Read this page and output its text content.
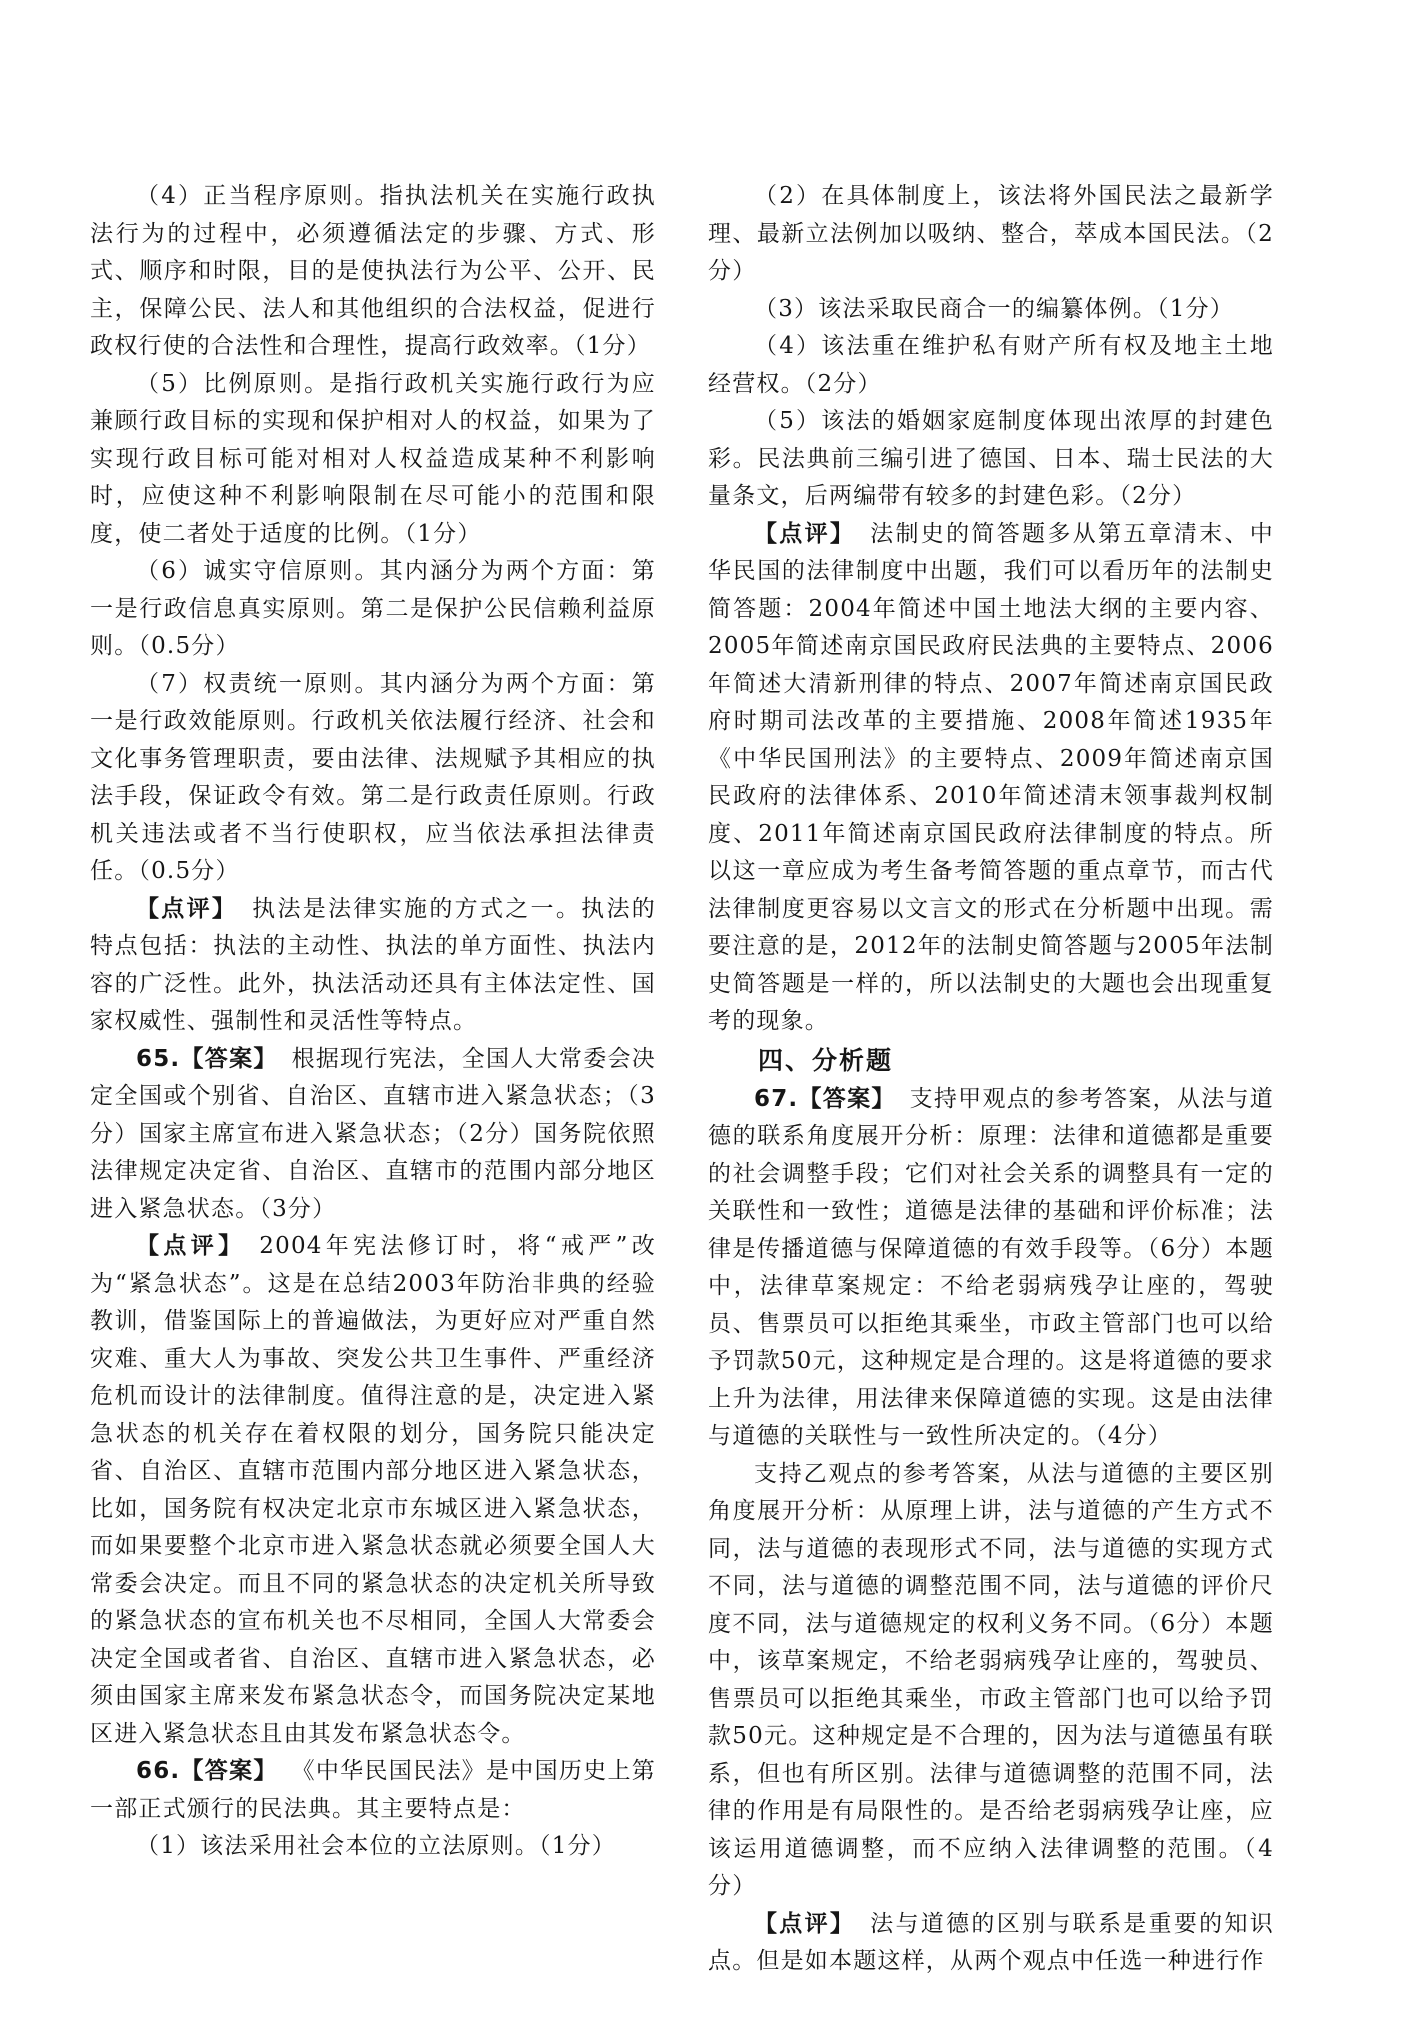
（4）正当程序原则。指执法机关在实施行政执法行为的过程中，必须遵循法定的步骤、方式、形式、顺序和时限，目的是使执法行为公平、公开、民主，保障公民、法人和其他组织的合法权益，促进行政权行使的合法性和合理性，提高行政效率。（1分）

（5）比例原则。是指行政机关实施行政行为应兼顾行政目标的实现和保护相对人的权益，如果为了实现行政目标可能对相对人权益造成某种不利影响时，应使这种不利影响限制在尽可能小的范围和限度，使二者处于适度的比例。（1分）

（6）诚实守信原则。其内涵分为两个方面：第一是行政信息真实原则。第二是保护公民信赖利益原则。（0.5分）

（7）权责统一原则。其内涵分为两个方面：第一是行政效能原则。行政机关依法履行经济、社会和文化事务管理职责，要由法律、法规赋予其相应的执法手段，保证政令有效。第二是行政责任原则。行政机关违法或者不当行使职权，应当依法承担法律责任。（0.5分）

【点评】 执法是法律实施的方式之一。执法的特点包括：执法的主动性、执法的单方面性、执法内容的广泛性。此外，执法活动还具有主体法定性、国家权威性、强制性和灵活性等特点。

65.【答案】 根据现行宪法，全国人大常委会决定全国或个别省、自治区、直辖市进入紧急状态；（3分）国家主席宣布进入紧急状态；（2分）国务院依照法律规定决定省、自治区、直辖市的范围内部分地区进入紧急状态。（3分）

【点评】 2004年宪法修订时，将“戒严”改为“紧急状态”。这是在总结2003年防治非典的经验教训，借鉴国际上的普遍做法，为更好应对严重自然灾难、重大人为事故、突发公共卫生事件、严重经济危机而设计的法律制度。值得注意的是，决定进入紧急状态的机关存在着权限的划分，国务院只能决定省、自治区、直辖市范围内部分地区进入紧急状态，比如，国务院有权决定北京市东城区进入紧急状态，而如果要整个北京市进入紧急状态就必须要全国人大常委会决定。而且不同的紧急状态的决定机关所导致的紧急状态的宣布机关也不尽相同，全国人大常委会决定全国或者省、自治区、直辖市进入紧急状态，必须由国家主席来发布紧急状态令，而国务院决定某地区进入紧急状态且由其发布紧急状态令。

66.【答案】 《中华民国民法》是中国历史上第一部正式颁行的民法典。其主要特点是：

（1）该法采用社会本位的立法原则。（1分）

（2）在具体制度上，该法将外国民法之最新学理、最新立法例加以吸纳、整合，萃成本国民法。（2分）

（3）该法采取民商合一的编纂体例。（1分）

（4）该法重在维护私有财产所有权及地主土地经营权。（2分）

（5）该法的婚姻家庭制度体现出浓厚的封建色彩。民法典前三编引进了德国、日本、瑞士民法的大量条文，后两编带有较多的封建色彩。（2分）

【点评】 法制史的简答题多从第五章清末、中华民国的法律制度中出题，我们可以看历年的法制史简答题：2004年简述中国土地法大纲的主要内容、2005年简述南京国民政府民法典的主要特点、2006年简述大清新刑律的特点、2007年简述南京国民政府时期司法改革的主要措施、2008年简述1935年《中华民国刑法》的主要特点、2009年简述南京国民政府的法律体系、2010年简述清末领事裁判权制度、2011年简述南京国民政府法律制度的特点。所以这一章应成为考生备考简答题的重点章节，而古代法律制度更容易以文言文的形式在分析题中出现。需要注意的是，2012年的法制史简答题与2005年法制史简答题是一样的，所以法制史的大题也会出现重复考的现象。

四、分析题

67.【答案】 支持甲观点的参考答案，从法与道德的联系角度展开分析：原理：法律和道德都是重要的社会调整手段；它们对社会关系的调整具有一定的关联性和一致性；道德是法律的基础和评价标准；法律是传播道德与保障道德的有效手段等。（6分）本题中，法律草案规定：不给老弱病残孕让座的，驾驶员、售票员可以拒绝其乘坐，市政主管部门也可以给予罚款50元，这种规定是合理的。这是将道德的要求上升为法律，用法律来保障道德的实现。这是由法律与道德的关联性与一致性所决定的。（4分）

支持乙观点的参考答案，从法与道德的主要区别角度展开分析：从原理上讲，法与道德的产生方式不同，法与道德的表现形式不同，法与道德的实现方式不同，法与道德的调整范围不同，法与道德的评价尺度不同，法与道德规定的权利义务不同。（6分）本题中，该草案规定，不给老弱病残孕让座的，驾驶员、售票员可以拒绝其乘坐，市政主管部门也可以给予罚款50元。这种规定是不合理的，因为法与道德虽有联系，但也有所区别。法律与道德调整的范围不同，法律的作用是有局限性的。是否给老弱病残孕让座，应该运用道德调整，而不应纳入法律调整的范围。（4分）

【点评】 法与道德的区别与联系是重要的知识点。但是如本题这样，从两个观点中任选一种进行作
